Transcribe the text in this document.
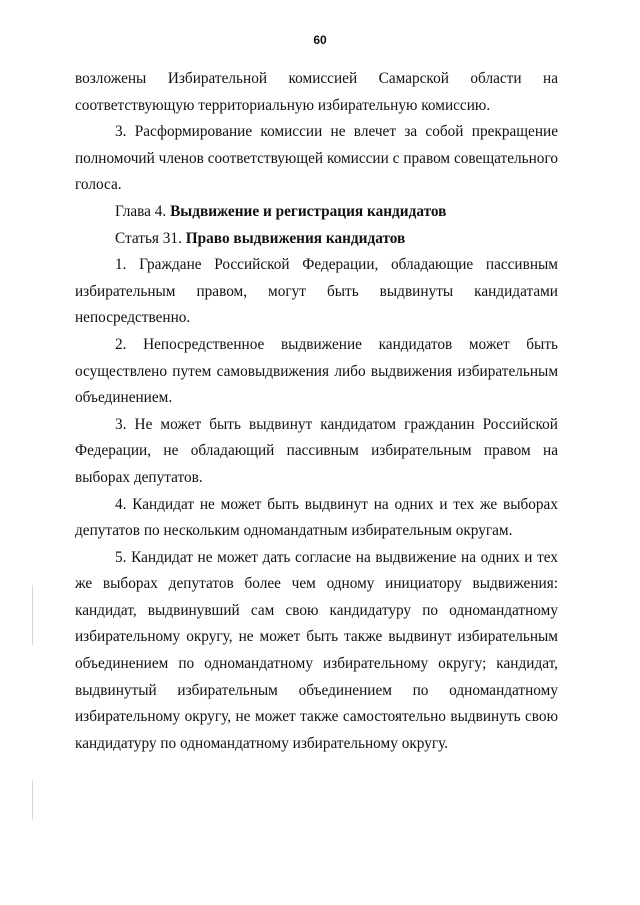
60

возложены Избирательной комиссией Самарской области на соответствующую территориальную избирательную комиссию.

3. Расформирование комиссии не влечет за собой прекращение полномочий членов соответствующей комиссии с правом совещательного голоса.

Глава 4. Выдвижение и регистрация кандидатов

Статья 31. Право выдвижения кандидатов

1. Граждане Российской Федерации, обладающие пассивным избирательным правом, могут быть выдвинуты кандидатами непосредственно.

2. Непосредственное выдвижение кандидатов может быть осуществлено путем самовыдвижения либо выдвижения избирательным объединением.

3. Не может быть выдвинут кандидатом гражданин Российской Федерации, не обладающий пассивным избирательным правом на выборах депутатов.

4. Кандидат не может быть выдвинут на одних и тех же выборах депутатов по нескольким одномандатным избирательным округам.

5. Кандидат не может дать согласие на выдвижение на одних и тех же выборах депутатов более чем одному инициатору выдвижения: кандидат, выдвинувший сам свою кандидатуру по одномандатному избирательному округу, не может быть также выдвинут избирательным объединением по одномандатному избирательному округу; кандидат, выдвинутый избирательным объединением по одномандатному избирательному округу, не может также самостоятельно выдвинуть свою кандидатуру по одномандатному избирательному округу.
